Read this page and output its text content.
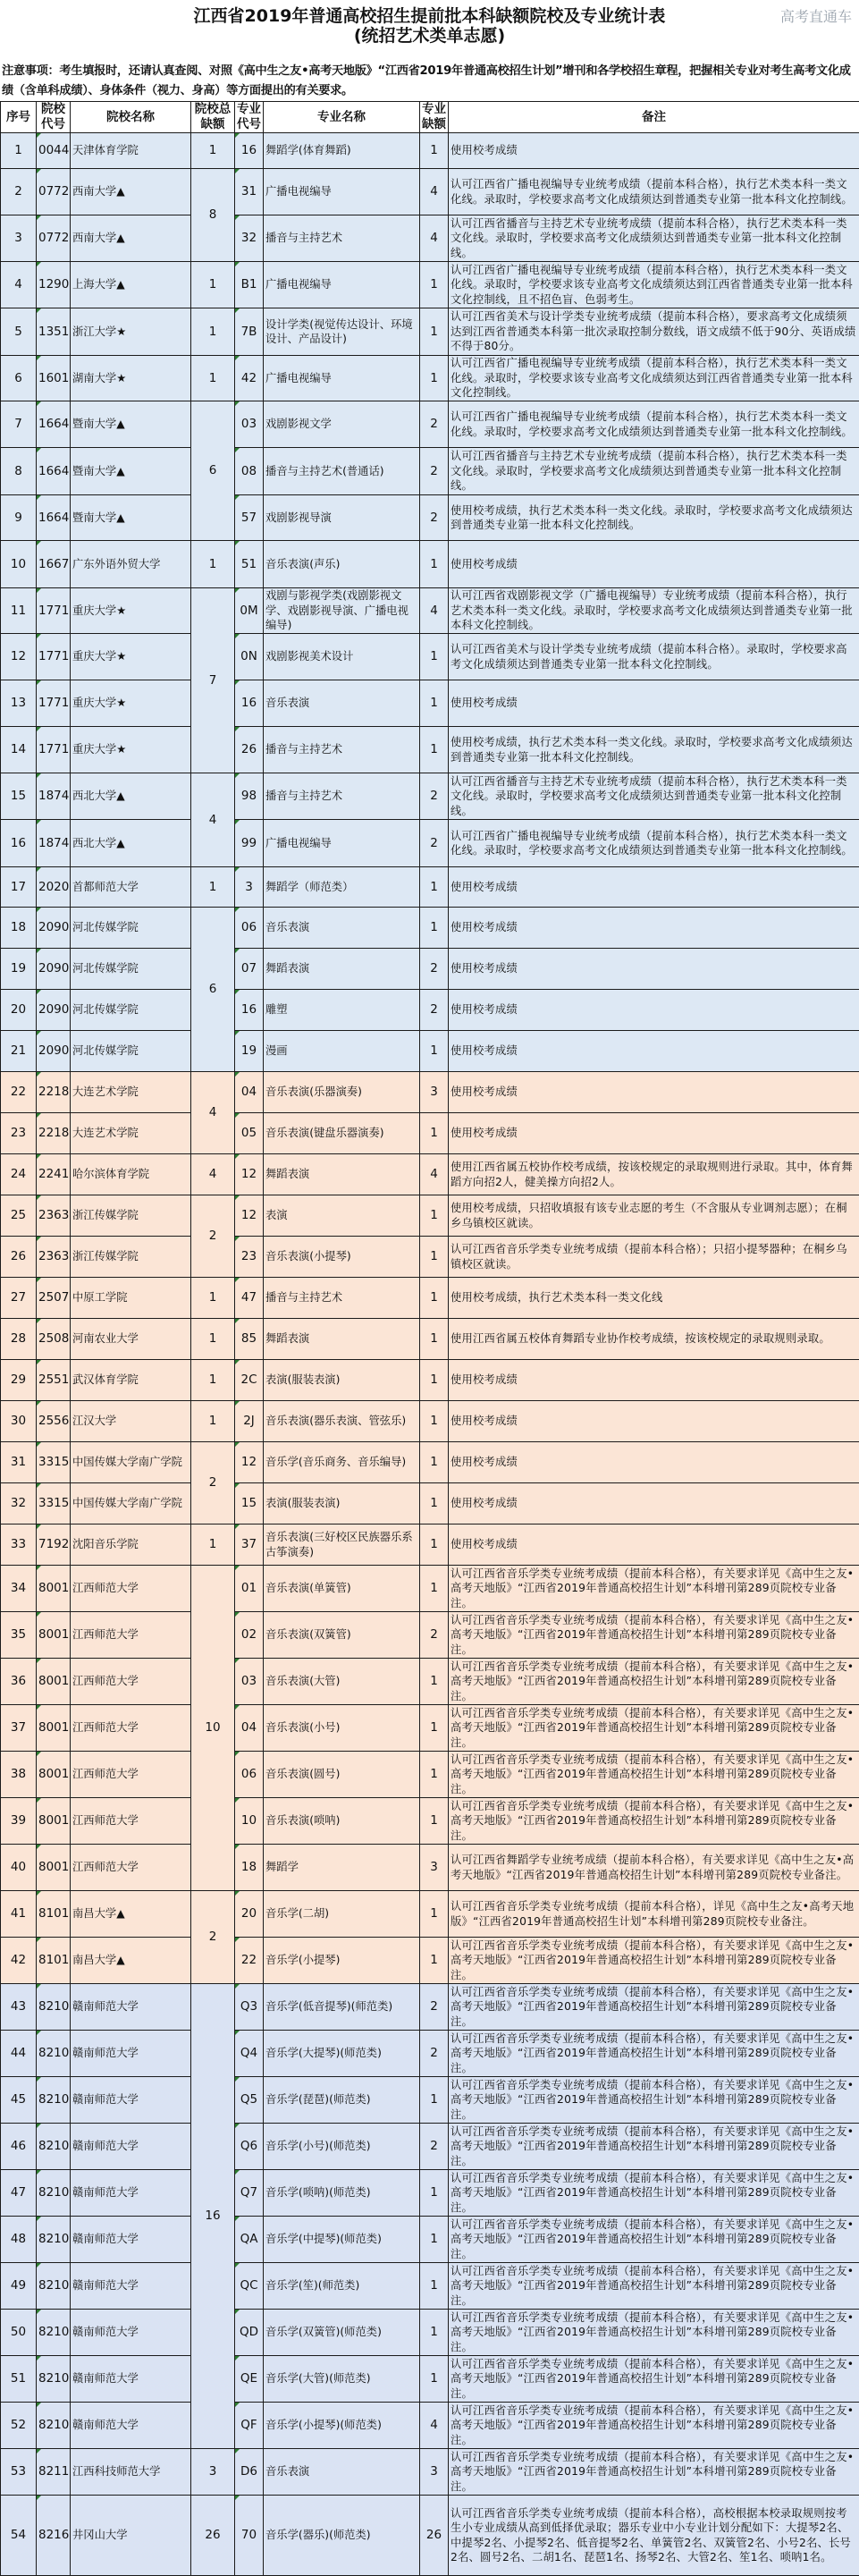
江西省2019年普通高校招生提前批本科缺额院校及专业统计表
(统招艺术类单志愿)
注意事项：考生填报时，还请认真查阅、对照《高中生之友•高考天地版》“江西省2019年普通高校招生计划”增刊和各学校招生章程，把握相关专业对考生高考文化成绩（含单科成绩）、身体条件（视力、身高）等方面提出的有关要求。
序号	院校代号	院校名称	院校总缺额	专业代号	专业名称	专业缺额	备注
1	0044	天津体育学院	1	16	舞蹈学(体育舞蹈)	1	使用校考成绩
2	0772	西南大学▲	8	31	广播电视编导	4	认可江西省广播电视编导专业统考成绩（提前本科合格），执行艺术类本科一类文化线。录取时，学校要求高考文化成绩须达到普通类专业第一批本科文化控制线。
3	0772	西南大学▲		32	播音与主持艺术	4	认可江西省播音与主持艺术专业统考成绩（提前本科合格），执行艺术类本科一类文化线。录取时，学校要求高考文化成绩须达到普通类专业第一批本科文化控制线。
4	1290	上海大学▲	1	B1	广播电视编导	1	认可江西省广播电视编导专业统考成绩（提前本科合格），执行艺术类本科一类文化线。录取时，学校要求该专业高考文化成绩须达到江西省普通类专业第一批本科文化控制线，且不招色盲、色弱考生。
5	1351	浙江大学★	1	7B	设计学类(视觉传达设计、环境设计、产品设计)	1	认可江西省美术与设计学类专业统考成绩（提前本科合格），要求高考文化成绩须达到江西省普通类本科第一批次录取控制分数线，语文成绩不低于90分、英语成绩不得于80分。
6	1601	湖南大学★	1	42	广播电视编导	1	认可江西省广播电视编导专业统考成绩（提前本科合格），执行艺术类本科一类文化线。录取时，学校要求该专业高考文化成绩须达到江西省普通类专业第一批本科文化控制线。
7	1664	暨南大学▲	6	03	戏剧影视文学	2	认可江西省广播电视编导专业统考成绩（提前本科合格），执行艺术类本科一类文化线。录取时，学校要求高考文化成绩须达到普通类专业第一批本科文化控制线。
8	1664	暨南大学▲		08	播音与主持艺术(普通话)	2	认可江西省播音与主持艺术专业统考成绩（提前本科合格），执行艺术类本科一类文化线。录取时，学校要求高考文化成绩须达到普通类专业第一批本科文化控制线。
9	1664	暨南大学▲		57	戏剧影视导演	2	使用校考成绩，执行艺术类本科一类文化线。录取时，学校要求高考文化成绩须达到普通类专业第一批本科文化控制线。
10	1667	广东外语外贸大学	1	51	音乐表演(声乐)	1	使用校考成绩
11	1771	重庆大学★	7	0M	戏剧与影视学类(戏剧影视文学、戏剧影视导演、广播电视编导)	4	认可江西省戏剧影视文学（广播电视编导）专业统考成绩（提前本科合格），执行艺术类本科一类文化线。录取时，学校要求高考文化成绩须达到普通类专业第一批本科文化控制线。
12	1771	重庆大学★		0N	戏剧影视美术设计	1	认可江西省美术与设计学类专业统考成绩（提前本科合格）。录取时，学校要求高考文化成绩须达到普通类专业第一批本科文化控制线。
13	1771	重庆大学★		16	音乐表演	1	使用校考成绩
14	1771	重庆大学★		26	播音与主持艺术	1	使用校考成绩，执行艺术类本科一类文化线。录取时，学校要求高考文化成绩须达到普通类专业第一批本科文化控制线。
15	1874	西北大学▲	4	98	播音与主持艺术	2	认可江西省播音与主持艺术专业统考成绩（提前本科合格），执行艺术类本科一类文化线。录取时，学校要求高考文化成绩须达到普通类专业第一批本科文化控制线。
16	1874	西北大学▲		99	广播电视编导	2	认可江西省广播电视编导专业统考成绩（提前本科合格），执行艺术类本科一类文化线。录取时，学校要求高考文化成绩须达到普通类专业第一批本科文化控制线。
17	2020	首都师范大学	1	3	舞蹈学（师范类）	1	使用校考成绩
18	2090	河北传媒学院	6	06	音乐表演	1	使用校考成绩
19	2090	河北传媒学院		07	舞蹈表演	2	使用校考成绩
20	2090	河北传媒学院		16	雕塑	2	使用校考成绩
21	2090	河北传媒学院		19	漫画	1	使用校考成绩
22	2218	大连艺术学院	4	04	音乐表演(乐器演奏)	3	使用校考成绩
23	2218	大连艺术学院		05	音乐表演(键盘乐器演奏)	1	使用校考成绩
24	2241	哈尔滨体育学院	4	12	舞蹈表演	4	使用江西省属五校协作校考成绩，按该校规定的录取规则进行录取。其中，体育舞蹈方向招2人，健美操方向招2人。
25	2363	浙江传媒学院	2	12	表演	1	使用校考成绩，只招收填报有该专业志愿的考生（不含服从专业调剂志愿）；在桐乡乌镇校区就读。
26	2363	浙江传媒学院		23	音乐表演(小提琴)	1	认可江西省音乐学类专业统考成绩（提前本科合格）；只招小提琴器种；在桐乡乌镇校区就读。
27	2507	中原工学院	1	47	播音与主持艺术	1	使用校考成绩，执行艺术类本科一类文化线
28	2508	河南农业大学	1	85	舞蹈表演	1	使用江西省属五校体育舞蹈专业协作校考成绩，按该校规定的录取规则录取。
29	2551	武汉体育学院	1	2C	表演(服装表演)	1	使用校考成绩
30	2556	江汉大学	1	2J	音乐表演(器乐表演、管弦乐)	1	使用校考成绩
31	3315	中国传媒大学南广学院	2	12	音乐学(音乐商务、音乐编导)	1	使用校考成绩
32	3315	中国传媒大学南广学院		15	表演(服装表演)	1	使用校考成绩
33	7192	沈阳音乐学院	1	37	音乐表演(三好校区民族器乐系古筝演奏)	1	使用校考成绩
34	8001	江西师范大学	10	01	音乐表演(单簧管)	1	认可江西省音乐学类专业统考成绩（提前本科合格），有关要求详见《高中生之友•高考天地版》“江西省2019年普通高校招生计划”本科增刊第289页院校专业备注。
35	8001	江西师范大学		02	音乐表演(双簧管)	2	认可江西省音乐学类专业统考成绩（提前本科合格），有关要求详见《高中生之友•高考天地版》“江西省2019年普通高校招生计划”本科增刊第289页院校专业备注。
36	8001	江西师范大学		03	音乐表演(大管)	1	认可江西省音乐学类专业统考成绩（提前本科合格），有关要求详见《高中生之友•高考天地版》“江西省2019年普通高校招生计划”本科增刊第289页院校专业备注。
37	8001	江西师范大学		04	音乐表演(小号)	1	认可江西省音乐学类专业统考成绩（提前本科合格），有关要求详见《高中生之友•高考天地版》“江西省2019年普通高校招生计划”本科增刊第289页院校专业备注。
38	8001	江西师范大学		06	音乐表演(圆号)	1	认可江西省音乐学类专业统考成绩（提前本科合格），有关要求详见《高中生之友•高考天地版》“江西省2019年普通高校招生计划”本科增刊第289页院校专业备注。
39	8001	江西师范大学		10	音乐表演(唢呐)	1	认可江西省音乐学类专业统考成绩（提前本科合格），有关要求详见《高中生之友•高考天地版》“江西省2019年普通高校招生计划”本科增刊第289页院校专业备注。
40	8001	江西师范大学		18	舞蹈学	3	认可江西省舞蹈学专业统考成绩（提前本科合格），有关要求详见《高中生之友•高考天地版》“江西省2019年普通高校招生计划”本科增刊第289页院校专业备注。
41	8101	南昌大学▲	2	20	音乐学(二胡)	1	认可江西省音乐学类专业统考成绩（提前本科合格），详见《高中生之友•高考天地版》“江西省2019年普通高校招生计划”本科增刊第289页院校专业备注。
42	8101	南昌大学▲		22	音乐学(小提琴)	1	认可江西省音乐学类专业统考成绩（提前本科合格），有关要求详见《高中生之友•高考天地版》“江西省2019年普通高校招生计划”本科增刊第289页院校专业备注。
43	8210	赣南师范大学	16	Q3	音乐学(低音提琴)(师范类)	2	认可江西省音乐学类专业统考成绩（提前本科合格），有关要求详见《高中生之友•高考天地版》“江西省2019年普通高校招生计划”本科增刊第289页院校专业备注。
44	8210	赣南师范大学		Q4	音乐学(大提琴)(师范类)	2	认可江西省音乐学类专业统考成绩（提前本科合格），有关要求详见《高中生之友•高考天地版》“江西省2019年普通高校招生计划”本科增刊第289页院校专业备注。
45	8210	赣南师范大学		Q5	音乐学(琵琶)(师范类)	1	认可江西省音乐学类专业统考成绩（提前本科合格），有关要求详见《高中生之友•高考天地版》“江西省2019年普通高校招生计划”本科增刊第289页院校专业备注。
46	8210	赣南师范大学		Q6	音乐学(小号)(师范类)	2	认可江西省音乐学类专业统考成绩（提前本科合格），有关要求详见《高中生之友•高考天地版》“江西省2019年普通高校招生计划”本科增刊第289页院校专业备注。
47	8210	赣南师范大学		Q7	音乐学(唢呐)(师范类)	1	认可江西省音乐学类专业统考成绩（提前本科合格），有关要求详见《高中生之友•高考天地版》“江西省2019年普通高校招生计划”本科增刊第289页院校专业备注。
48	8210	赣南师范大学		QA	音乐学(中提琴)(师范类)	1	认可江西省音乐学类专业统考成绩（提前本科合格），有关要求详见《高中生之友•高考天地版》“江西省2019年普通高校招生计划”本科增刊第289页院校专业备注。
49	8210	赣南师范大学		QC	音乐学(笙)(师范类)	1	认可江西省音乐学类专业统考成绩（提前本科合格），有关要求详见《高中生之友•高考天地版》“江西省2019年普通高校招生计划”本科增刊第289页院校专业备注。
50	8210	赣南师范大学		QD	音乐学(双簧管)(师范类)	1	认可江西省音乐学类专业统考成绩（提前本科合格），有关要求详见《高中生之友•高考天地版》“江西省2019年普通高校招生计划”本科增刊第289页院校专业备注。
51	8210	赣南师范大学		QE	音乐学(大管)(师范类)	1	认可江西省音乐学类专业统考成绩（提前本科合格），有关要求详见《高中生之友•高考天地版》“江西省2019年普通高校招生计划”本科增刊第289页院校专业备注。
52	8210	赣南师范大学		QF	音乐学(小提琴)(师范类)	4	认可江西省音乐学类专业统考成绩（提前本科合格），有关要求详见《高中生之友•高考天地版》“江西省2019年普通高校招生计划”本科增刊第289页院校专业备注。
53	8211	江西科技师范大学	3	D6	音乐表演	3	认可江西省音乐学类专业统考成绩（提前本科合格），有关要求详见《高中生之友•高考天地版》“江西省2019年普通高校招生计划”本科增刊第289页院校专业备注。
54	8216	井冈山大学	26	70	音乐学(器乐)(师范类)	26	认可江西省音乐学类专业统考成绩（提前本科合格），高校根据本校录取规则按考生小专业成绩从高到低择优录取；器乐专业中小专业计划分配如下：大提琴2名、中提琴2名、小提琴2名、低音提琴2名、单簧管2名、双簧管2名、小号2名、长号2名、圆号2名、二胡1名、琵琶1名、扬琴2名、大管2名、笙1名、唢呐1名。
高考直通车
